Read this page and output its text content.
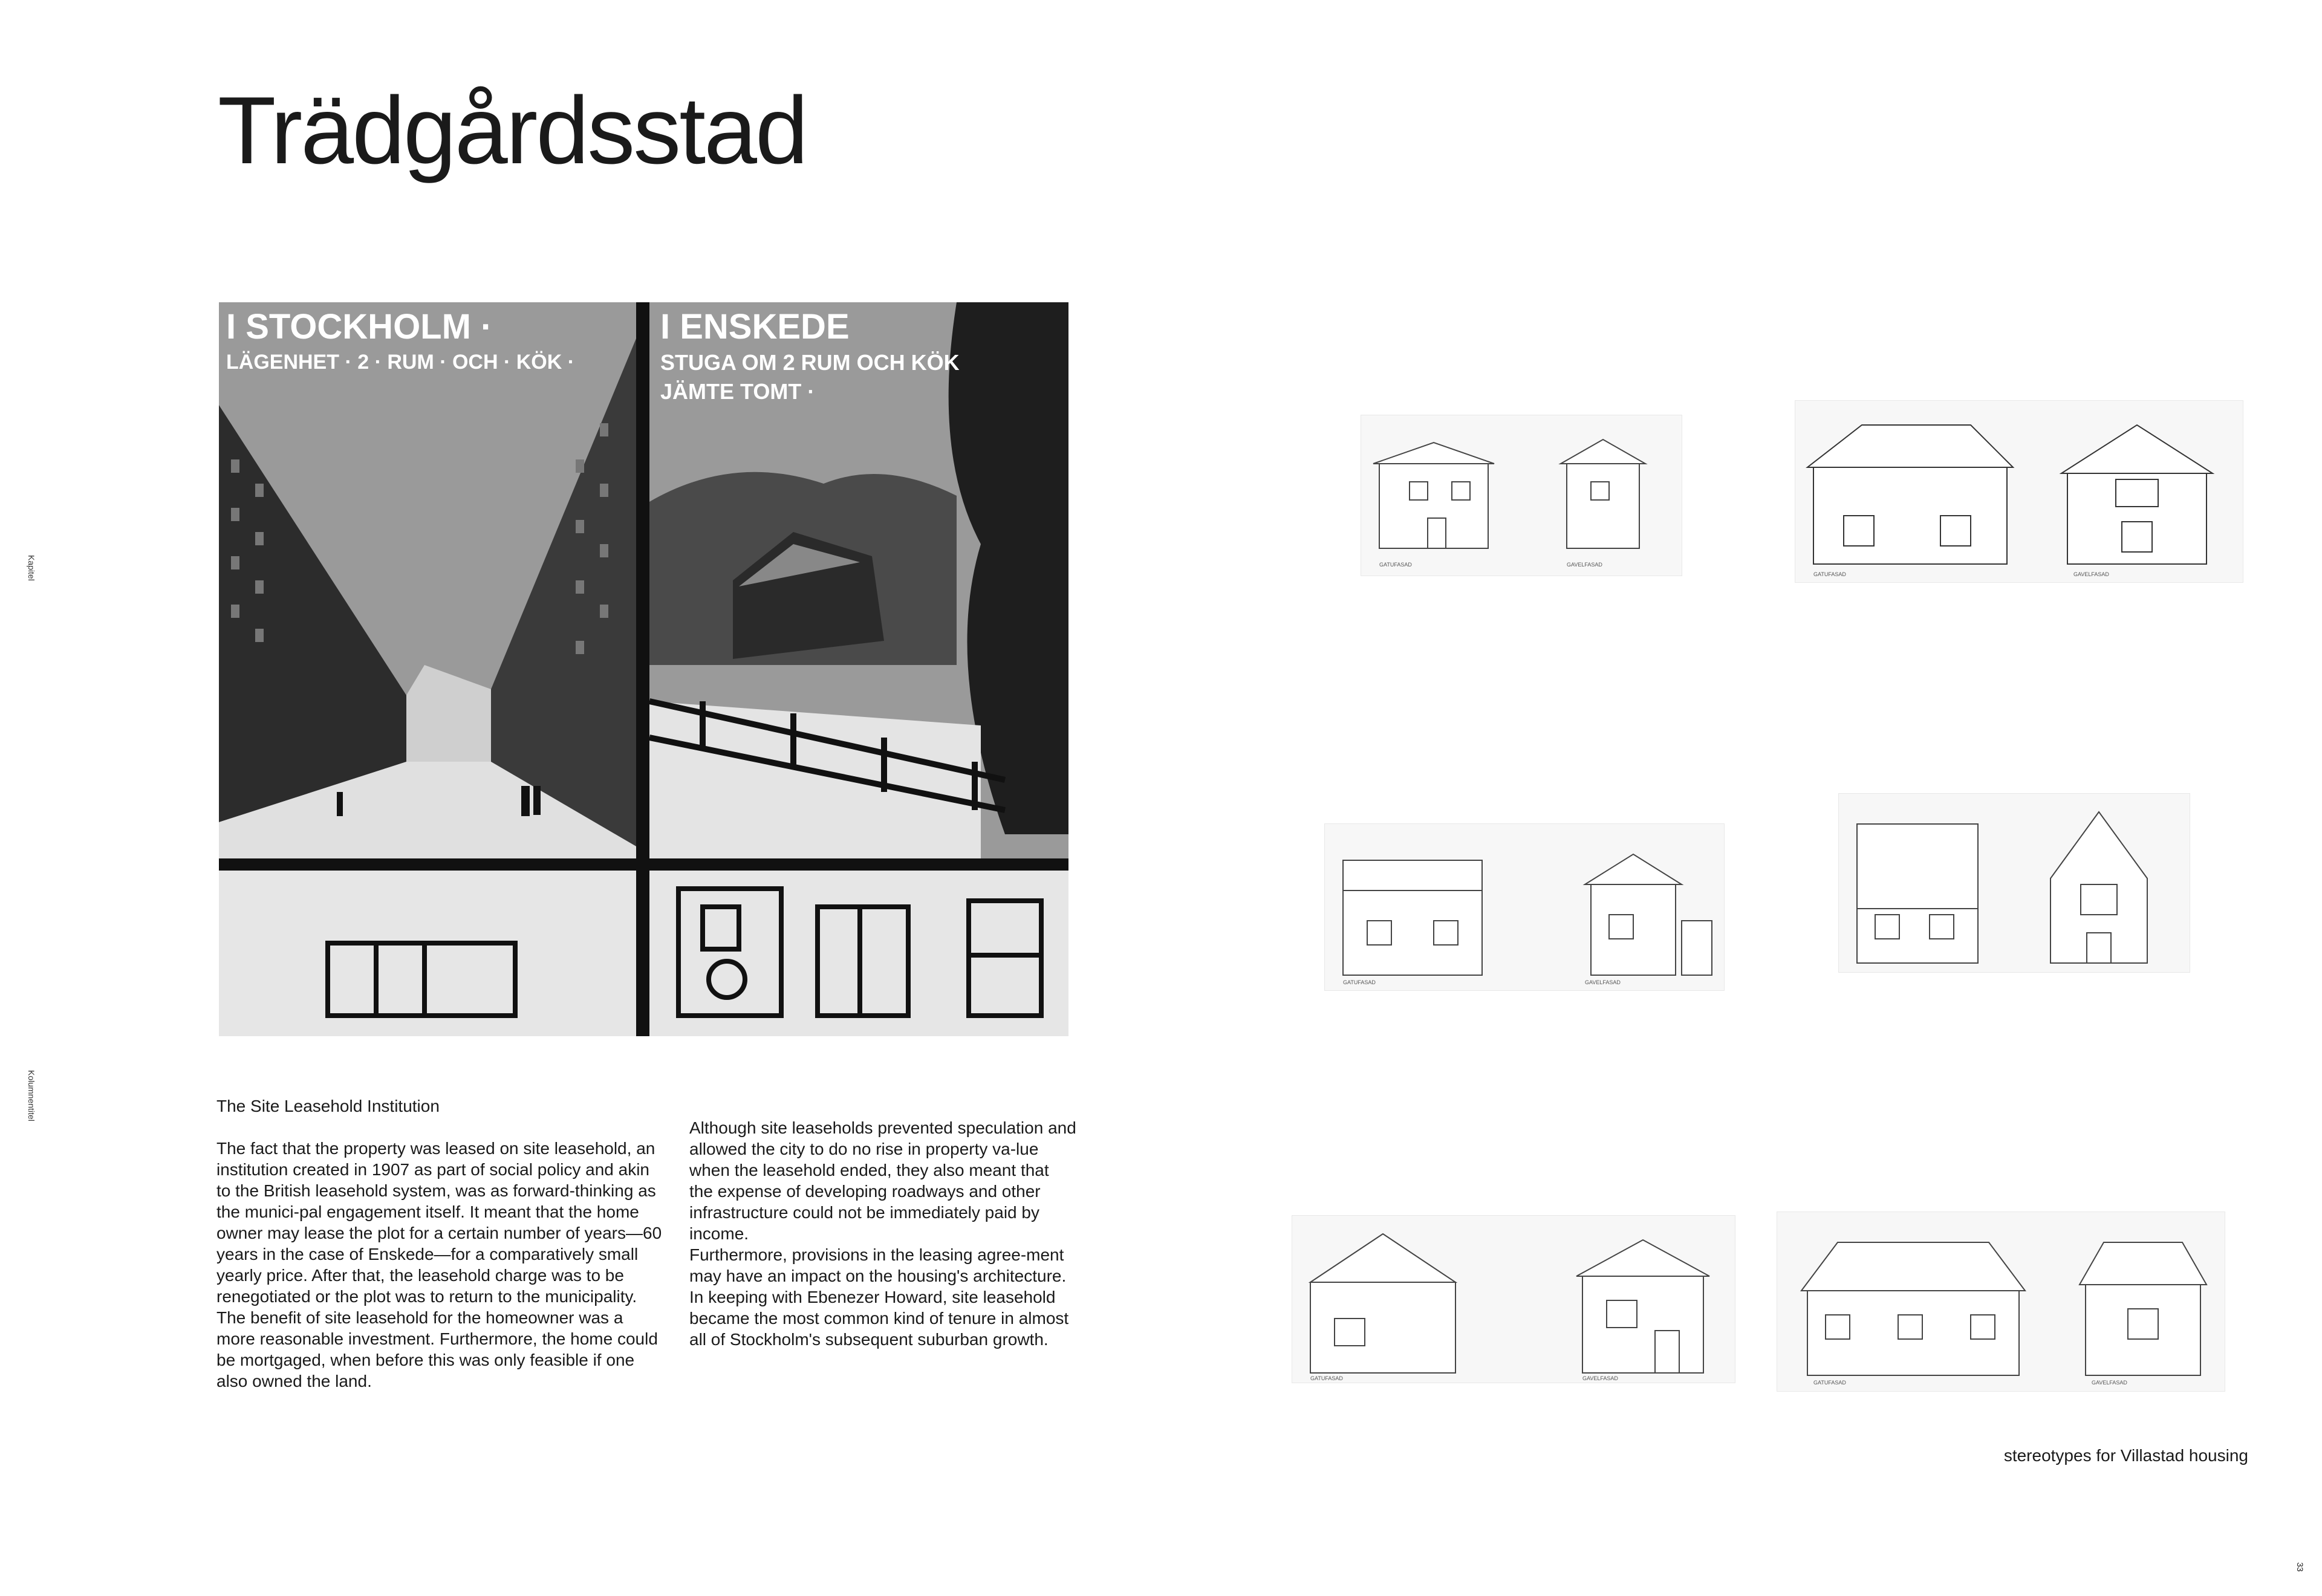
Trädgårdsstad
Kapitel
Kolumnentitel
33
I STOCKHOLM ·
LÄGENHET · 2 · RUM · OCH · KÖK ·
I ENSKEDE
STUGA OM 2 RUM OCH KÖK
JÄMTE TOMT ·
The Site Leasehold Institution

The fact that the property was leased on site leasehold, an institution created in 1907 as part of social policy and akin to the British leasehold system, was as forward-thinking as the munici-pal engagement itself. It meant that the home owner may lease the plot for a certain number of years—60 years in the case of Enskede—for a comparatively small yearly price. After that, the leasehold charge was to be renegotiated or the plot was to return to the municipality. The benefit of site leasehold for the homeowner was a more reasonable investment. Furthermore, the home could be mortgaged, when before this was only feasible if one also owned the land.
Although site leaseholds prevented speculation and allowed the city to do no rise in property va-lue when the leasehold ended, they also meant that the expense of developing roadways and other infrastructure could not be immediately paid by income.
Furthermore, provisions in the leasing agree-ment may have an impact on the housing's architecture. In keeping with Ebenezer Howard, site leasehold became the most common kind of tenure in almost all of Stockholm's subsequent suburban growth.
GATUFASAD	GAVELFASAD
GATUFASAD	GAVELFASAD
GATUFASAD	GAVELFASAD
GATUFASAD	GAVELFASAD
GATUFASAD	GAVELFASAD
stereotypes for Villastad housing
